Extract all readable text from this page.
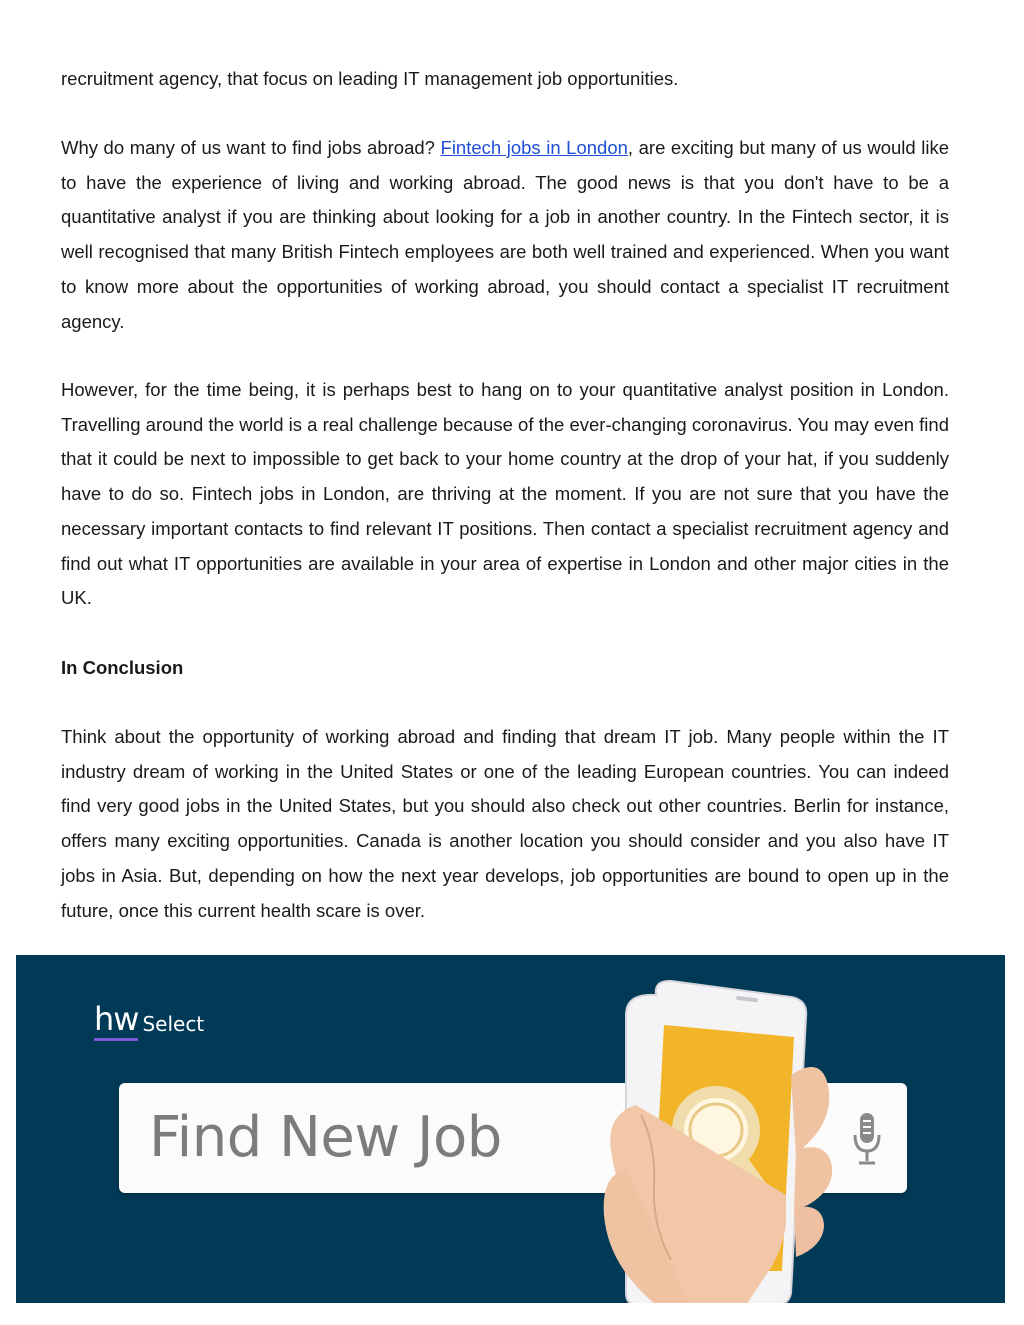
recruitment agency, that focus on leading IT management job opportunities.

Why do many of us want to find jobs abroad? Fintech jobs in London, are exciting but many of us would like to have the experience of living and working abroad. The good news is that you don't have to be a quantitative analyst if you are thinking about looking for a job in another country. In the Fintech sector, it is well recognised that many British Fintech employees are both well trained and experienced. When you want to know more about the opportunities of working abroad, you should contact a specialist IT recruitment agency.

However, for the time being, it is perhaps best to hang on to your quantitative analyst position in London. Travelling around the world is a real challenge because of the ever-changing coronavirus. You may even find that it could be next to impossible to get back to your home country at the drop of your hat, if you suddenly have to do so. Fintech jobs in London, are thriving at the moment. If you are not sure that you have the necessary important contacts to find relevant IT positions. Then contact a specialist recruitment agency and find out what IT opportunities are available in your area of expertise in London and other major cities in the UK.

In Conclusion

Think about the opportunity of working abroad and finding that dream IT job. Many people within the IT industry dream of working in the United States or one of the leading European countries. You can indeed find very good jobs in the United States, but you should also check out other countries. Berlin for instance, offers many exciting opportunities. Canada is another location you should consider and you also have IT jobs in Asia. But, depending on how the next year develops, job opportunities are bound to open up in the future, once this current health scare is over.

hw Select
Find New Job
